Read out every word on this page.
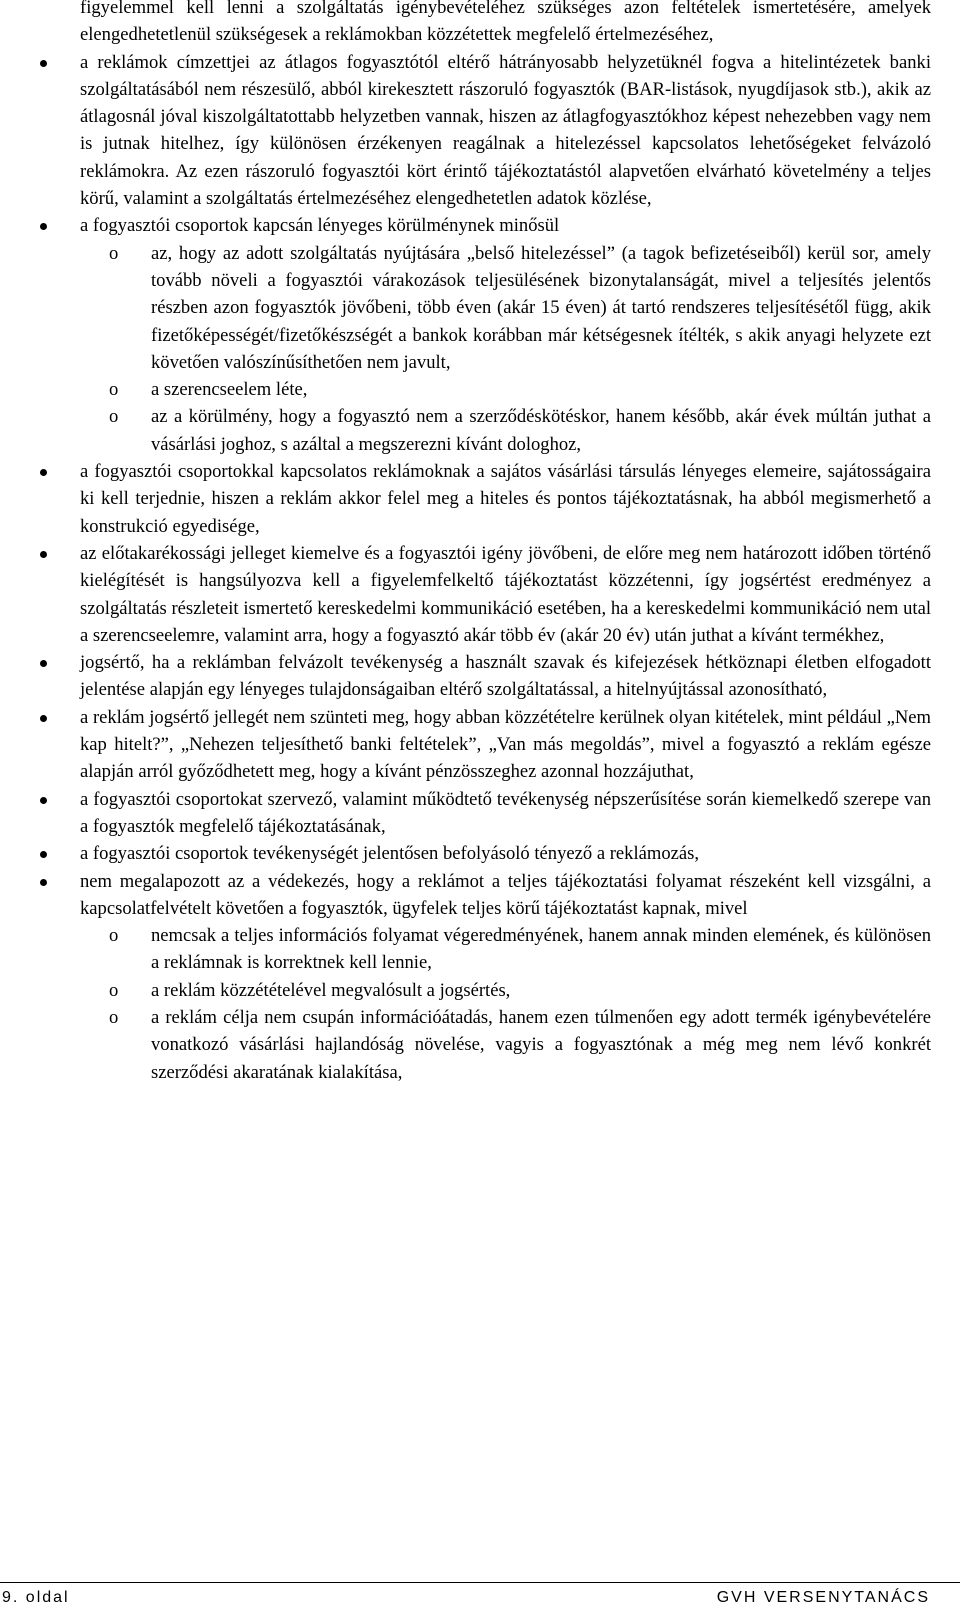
figyelemmel kell lenni a szolgáltatás igénybevételéhez szükséges azon feltételek ismertetésére, amelyek elengedhetetlenül szükségesek a reklámokban közzétettek megfelelő értelmezéséhez,

a reklámok címzettjei az átlagos fogyasztótól eltérő hátrányosabb helyzetüknél fogva a hitelintézetek banki szolgáltatásából nem részesülő, abból kirekesztett rászoruló fogyasztók (BAR-listások, nyugdíjasok stb.), akik az átlagosnál jóval kiszolgáltatottabb helyzetben vannak, hiszen az átlagfogyasztókhoz képest nehezebben vagy nem is jutnak hitelhez, így különösen érzékenyen reagálnak a hitelezéssel kapcsolatos lehetőségeket felvázoló reklámokra. Az ezen rászoruló fogyasztói kört érintő tájékoztatástól alapvetően elvárható követelmény a teljes körű, valamint a szolgáltatás értelmezéséhez elengedhetetlen adatok közlése,
a fogyasztói csoportok kapcsán lényeges körülménynek minősül
o az, hogy az adott szolgáltatás nyújtására „belső hitelezéssel” (a tagok befizetéseiből) kerül sor, amely tovább növeli a fogyasztói várakozások teljesülésének bizonytalanságát, mivel a teljesítés jelentős részben azon fogyasztók jövőbeni, több éven (akár 15 éven) át tartó rendszeres teljesítésétől függ, akik fizetőképességét/fizetőkészségét a bankok korábban már kétségesnek ítélték, s akik anyagi helyzete ezt követően valószínűsíthetően nem javult,
o a szerencseelem léte,
o az a körülmény, hogy a fogyasztó nem a szerződéskötéskor, hanem később, akár évek múltán juthat a vásárlási joghoz, s azáltal a megszerezni kívánt dologhoz,
a fogyasztói csoportokkal kapcsolatos reklámoknak a sajátos vásárlási társulás lényeges elemeire, sajátosságaira ki kell terjednie, hiszen a reklám akkor felel meg a hiteles és pontos tájékoztatásnak, ha abból megismerhető a konstrukció egyedisége,
az előtakarékossági jelleget kiemelve és a fogyasztói igény jövőbeni, de előre meg nem határozott időben történő kielégítését is hangsúlyozva kell a figyelemfelkeltő tájékoztatást közzétenni, így jogsértést eredményez a szolgáltatás részleteit ismertető kereskedelmi kommunikáció esetében, ha a kereskedelmi kommunikáció nem utal a szerencseelemre, valamint arra, hogy a fogyasztó akár több év (akár 20 év) után juthat a kívánt termékhez,
jogsértő, ha a reklámban felvázolt tevékenység a használt szavak és kifejezések hétköznapi életben elfogadott jelentése alapján egy lényeges tulajdonságaiban eltérő szolgáltatással, a hitelnyújtással azonosítható,
a reklám jogsértő jellegét nem szünteti meg, hogy abban közzétételre kerülnek olyan kitételek, mint például „Nem kap hitelt?”, „Nehezen teljesíthető banki feltételek”, „Van más megoldás”, mivel a fogyasztó a reklám egésze alapján arról győződhetett meg, hogy a kívánt pénzösszeghez azonnal hozzájuthat,
a fogyasztói csoportokat szervező, valamint működtető tevékenység népszerűsítése során kiemelkedő szerepe van a fogyasztók megfelelő tájékoztatásának,
a fogyasztói csoportok tevékenységét jelentősen befolyásoló tényező a reklámozás,
nem megalapozott az a védekezés, hogy a reklámot a teljes tájékoztatási folyamat részeként kell vizsgálni, a kapcsolatfelvételt követően a fogyasztók, ügyfelek teljes körű tájékoztatást kapnak, mivel
o nemcsak a teljes információs folyamat végeredményének, hanem annak minden elemének, és különösen a reklámnak is korrektnek kell lennie,
o a reklám közzétételével megvalósult a jogsértés,
o a reklám célja nem csupán információátadás, hanem ezen túlmenően egy adott termék igénybevételére vonatkozó vásárlási hajlandóság növelése, vagyis a fogyasztónak a még meg nem lévő konkrét szerződési akaratának kialakítása,
9. oldal	GVH VERSENYTANÁCS
